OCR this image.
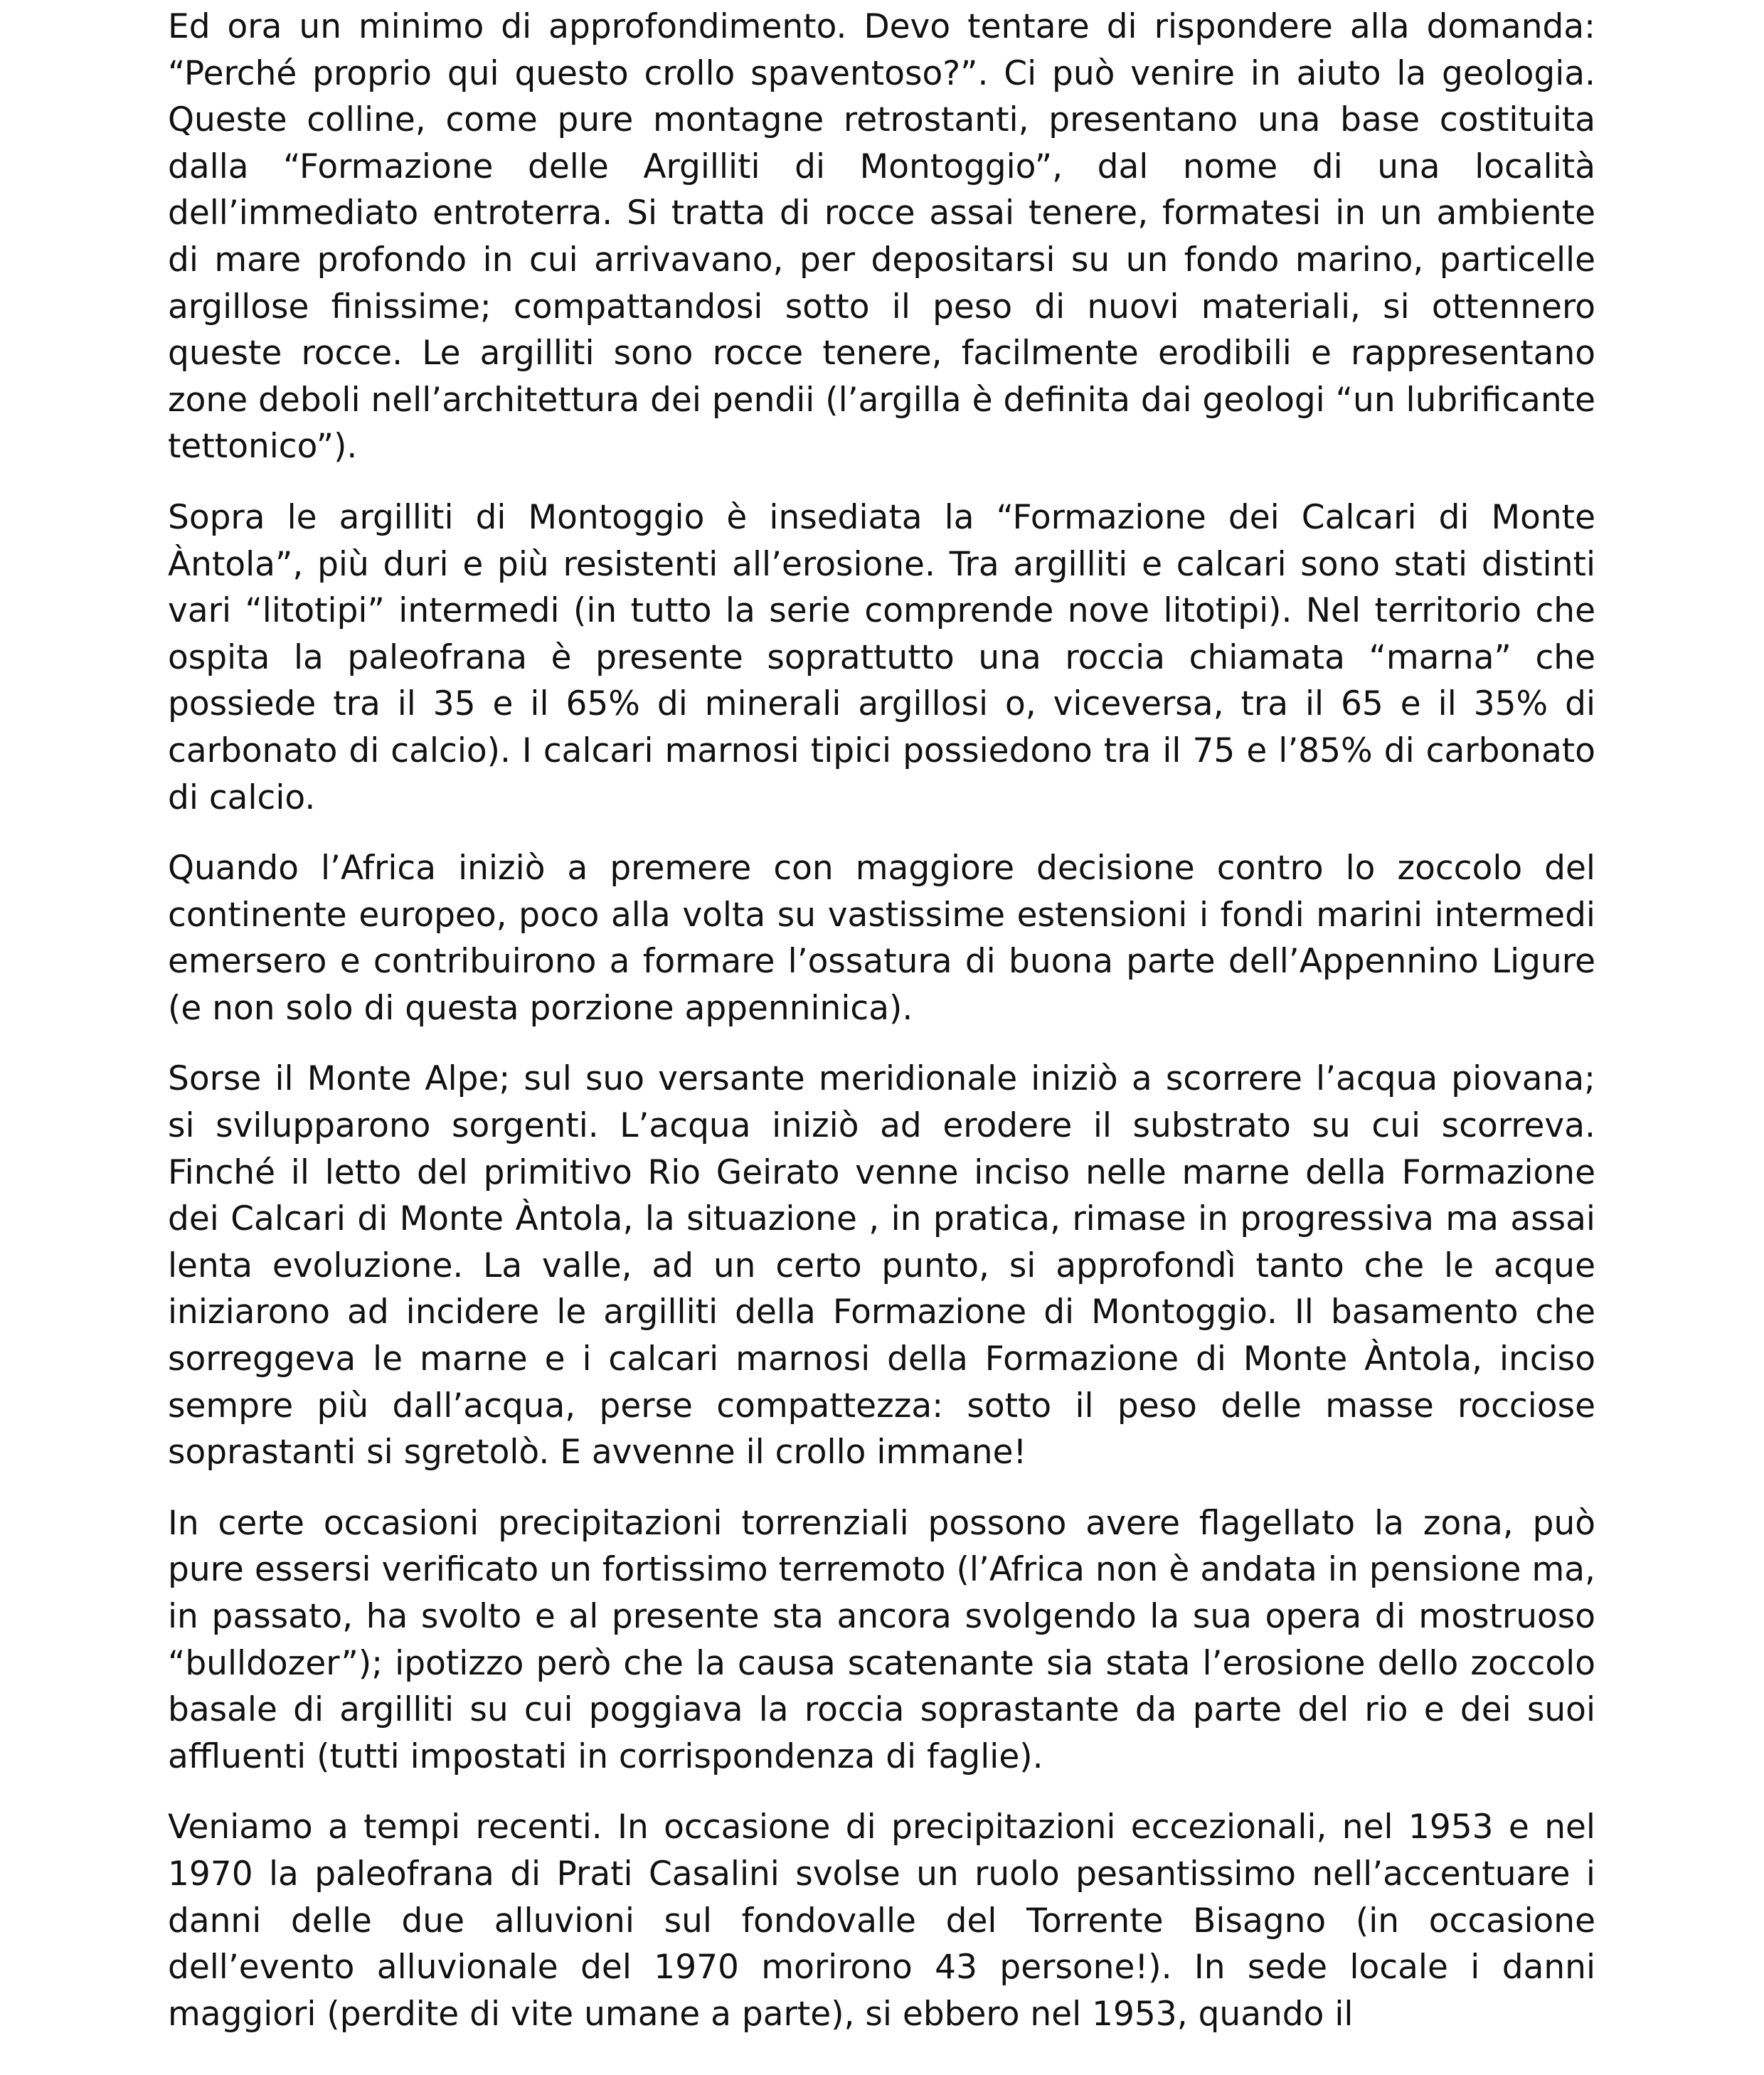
Ed ora un minimo di approfondimento. Devo tentare di rispondere alla domanda: “Perché proprio qui questo crollo spaventoso?”. Ci può venire in aiuto la geologia. Queste colline, come pure montagne retrostanti, presentano una base costituita dalla “Formazione delle Argilliti di Montoggio”, dal nome di una località dell’immediato entroterra. Si tratta di rocce assai tenere, formatesi in un ambiente di mare profondo in cui arrivavano, per depositarsi su un fondo marino, particelle argillose finissime; compattandosi sotto il peso di nuovi materiali, si ottennero queste rocce. Le argilliti sono rocce tenere, facilmente erodibili e rappresentano zone deboli nell’architettura dei pendii (l’argilla è definita dai geologi “un lubrificante tettonico”).

Sopra le argilliti di Montoggio è insediata la “Formazione dei Calcari di Monte Àntola”, più duri e più resistenti all’erosione. Tra argilliti e calcari sono stati distinti vari “litotipi” intermedi (in tutto la serie comprende nove litotipi). Nel territorio che ospita la paleofrana è presente soprattutto una roccia chiamata “marna” che possiede tra il 35 e il 65% di minerali argillosi o, viceversa, tra il 65 e il 35% di carbonato di calcio). I calcari marnosi tipici possiedono tra il 75 e l’85% di carbonato di calcio.

Quando l’Africa iniziò a premere con maggiore decisione contro lo zoccolo del continente europeo, poco alla volta su vastissime estensioni i fondi marini intermedi emersero e contribuirono a formare l’ossatura di buona parte dell’Appennino Ligure (e non solo di questa porzione appenninica).

Sorse il Monte Alpe; sul suo versante meridionale iniziò a scorrere l’acqua piovana; si svilupparono sorgenti. L’acqua iniziò ad erodere il substrato su cui scorreva. Finché il letto del primitivo Rio Geirato venne inciso nelle marne della Formazione dei Calcari di Monte Àntola, la situazione , in pratica, rimase in progressiva ma assai lenta evoluzione. La valle, ad un certo punto, si approfondì tanto che le acque iniziarono ad incidere le argilliti della Formazione di Montoggio. Il basamento che sorreggeva le marne e i calcari marnosi della Formazione di Monte Àntola, inciso sempre più dall’acqua, perse compattezza: sotto il peso delle masse rocciose soprastanti si sgretolò. E avvenne il crollo immane!

In certe occasioni precipitazioni torrenziali possono avere flagellato la zona, può pure essersi verificato un fortissimo terremoto (l’Africa non è andata in pensione ma, in passato, ha svolto e al presente sta ancora svolgendo la sua opera di mostruoso “bulldozer”); ipotizzo però che la causa scatenante sia stata l’erosione dello zoccolo basale di argilliti su cui poggiava la roccia soprastante da parte del rio e dei suoi affluenti (tutti impostati in corrispondenza di faglie).

Veniamo a tempi recenti. In occasione di precipitazioni eccezionali, nel 1953 e nel 1970 la paleofrana di Prati Casalini svolse un ruolo pesantissimo nell’accentuare i danni delle due alluvioni sul fondovalle del Torrente Bisagno (in occasione dell’evento alluvionale del 1970 morirono 43 persone!). In sede locale i danni maggiori (perdite di vite umane a parte), si ebbero nel 1953, quando il
